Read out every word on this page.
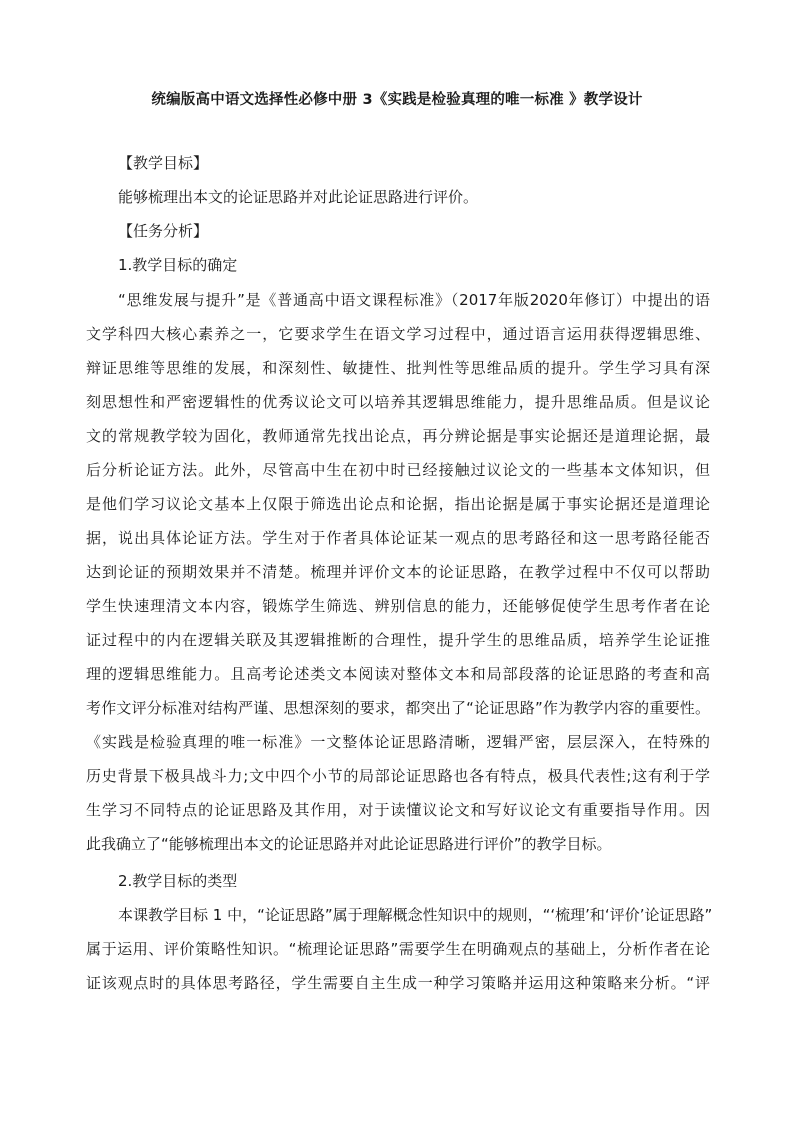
统编版高中语文选择性必修中册 3《实践是检验真理的唯一标准 》教学设计
【教学目标】
能够梳理出本文的论证思路并对此论证思路进行评价。
【任务分析】
1.教学目标的确定
“思维发展与提升”是《普通高中语文课程标准》（2017年版2020年修订）中提出的语
文学科四大核心素养之一，它要求学生在语文学习过程中，通过语言运用获得逻辑思维、
辩证思维等思维的发展，和深刻性、敏捷性、批判性等思维品质的提升。学生学习具有深
刻思想性和严密逻辑性的优秀议论文可以培养其逻辑思维能力，提升思维品质。但是议论
文的常规教学较为固化，教师通常先找出论点，再分辨论据是事实论据还是道理论据，最
后分析论证方法。此外，尽管高中生在初中时已经接触过议论文的一些基本文体知识，但
是他们学习议论文基本上仅限于筛选出论点和论据，指出论据是属于事实论据还是道理论
据，说出具体论证方法。学生对于作者具体论证某一观点的思考路径和这一思考路径能否
达到论证的预期效果并不清楚。梳理并评价文本的论证思路，在教学过程中不仅可以帮助
学生快速理清文本内容，锻炼学生筛选、辨别信息的能力，还能够促使学生思考作者在论
证过程中的内在逻辑关联及其逻辑推断的合理性，提升学生的思维品质，培养学生论证推
理的逻辑思维能力。且高考论述类文本阅读对整体文本和局部段落的论证思路的考查和高
考作文评分标准对结构严谨、思想深刻的要求，都突出了“论证思路”作为教学内容的重要性。
《实践是检验真理的唯一标准》一文整体论证思路清晰，逻辑严密，层层深入，在特殊的
历史背景下极具战斗力;文中四个小节的局部论证思路也各有特点，极具代表性;这有利于学
生学习不同特点的论证思路及其作用，对于读懂议论文和写好议论文有重要指导作用。因
此我确立了“能够梳理出本文的论证思路并对此论证思路进行评价”的教学目标。
2.教学目标的类型
本课教学目标 1 中，“论证思路”属于理解概念性知识中的规则，“‘梳理’和‘评价’论证思路”
属于运用、评价策略性知识。“梳理论证思路”需要学生在明确观点的基础上，分析作者在论
证该观点时的具体思考路径，学生需要自主生成一种学习策略并运用这种策略来分析。“评
